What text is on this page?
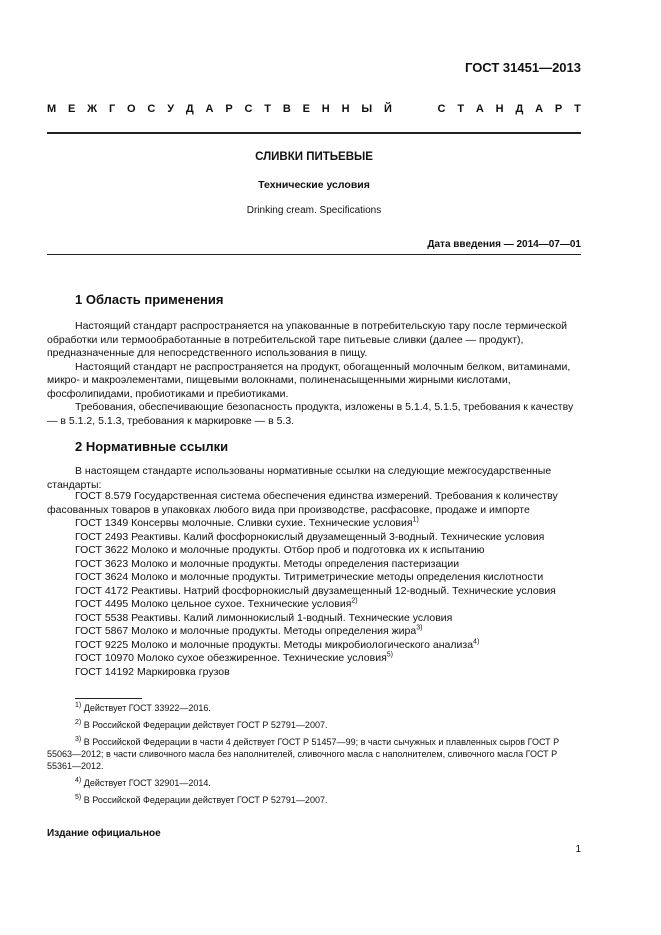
ГОСТ 31451—2013
М Е Ж Г О С У Д А Р С Т В Е Н Н Ы Й	С Т А Н Д А Р Т
СЛИВКИ ПИТЬЕВЫЕ
Технические условия
Drinking cream. Specifications
Дата введения — 2014—07—01
1 Область применения

Настоящий стандарт распространяется на упакованные в потребительскую тару после термической обработки или термообработанные в потребительской таре питьевые сливки (далее — продукт), предназначенные для непосредственного использования в пищу.

Настоящий стандарт не распространяется на продукт, обогащенный молочным белком, витаминами, микро- и макроэлементами, пищевыми волокнами, полиненасыщенными жирными кислотами, фосфолипидами, пробиотиками и пребиотиками.

Требования, обеспечивающие безопасность продукта, изложены в 5.1.4, 5.1.5, требования к качеству — в 5.1.2, 5.1.3, требования к маркировке — в 5.3.

2 Нормативные ссылки

В настоящем стандарте использованы нормативные ссылки на следующие межгосударственные стандарты:

ГОСТ 8.579 Государственная система обеспечения единства измерений. Требования к количеству фасованных товаров в упаковках любого вида при производстве, расфасовке, продаже и импорте

ГОСТ 1349 Консервы молочные. Сливки сухие. Технические условия$^{1)}$

ГОСТ 2493 Реактивы. Калий фосфорнокислый двузамещенный 3-водный. Технические условия

ГОСТ 3622 Молоко и молочные продукты. Отбор проб и подготовка их к испытанию

ГОСТ 3623 Молоко и молочные продукты. Методы определения пастеризации

ГОСТ 3624 Молоко и молочные продукты. Титриметрические методы определения кислотности

ГОСТ 4172 Реактивы. Натрий фосфорнокислый двузамещенный 12-водный. Технические условия

ГОСТ 4495 Молоко цельное сухое. Технические условия$^{2)}$

ГОСТ 5538 Реактивы. Калий лимоннокислый 1-водный. Технические условия

ГОСТ 5867 Молоко и молочные продукты. Методы определения жира$^{3)}$

ГОСТ 9225 Молоко и молочные продукты. Методы микробиологического анализа$^{4)}$

ГОСТ 10970 Молоко сухое обезжиренное. Технические условия$^{5)}$

ГОСТ 14192 Маркировка грузов

$^{1)}$ Действует ГОСТ 33922—2016.

$^{2)}$ В Российской Федерации действует ГОСТ Р 52791—2007.

$^{3)}$ В Российской Федерации в части 4 действует ГОСТ Р 51457—99; в части сычужных и плавленных сыров ГОСТ Р 55063—2012; в части сливочного масла без наполнителей, сливочного масла с наполнителем, сливочного масла ГОСТ Р 55361—2012.

$^{4)}$ Действует ГОСТ 32901—2014.

$^{5)}$ В Российской Федерации действует ГОСТ Р 52791—2007.

Издание официальное
1
